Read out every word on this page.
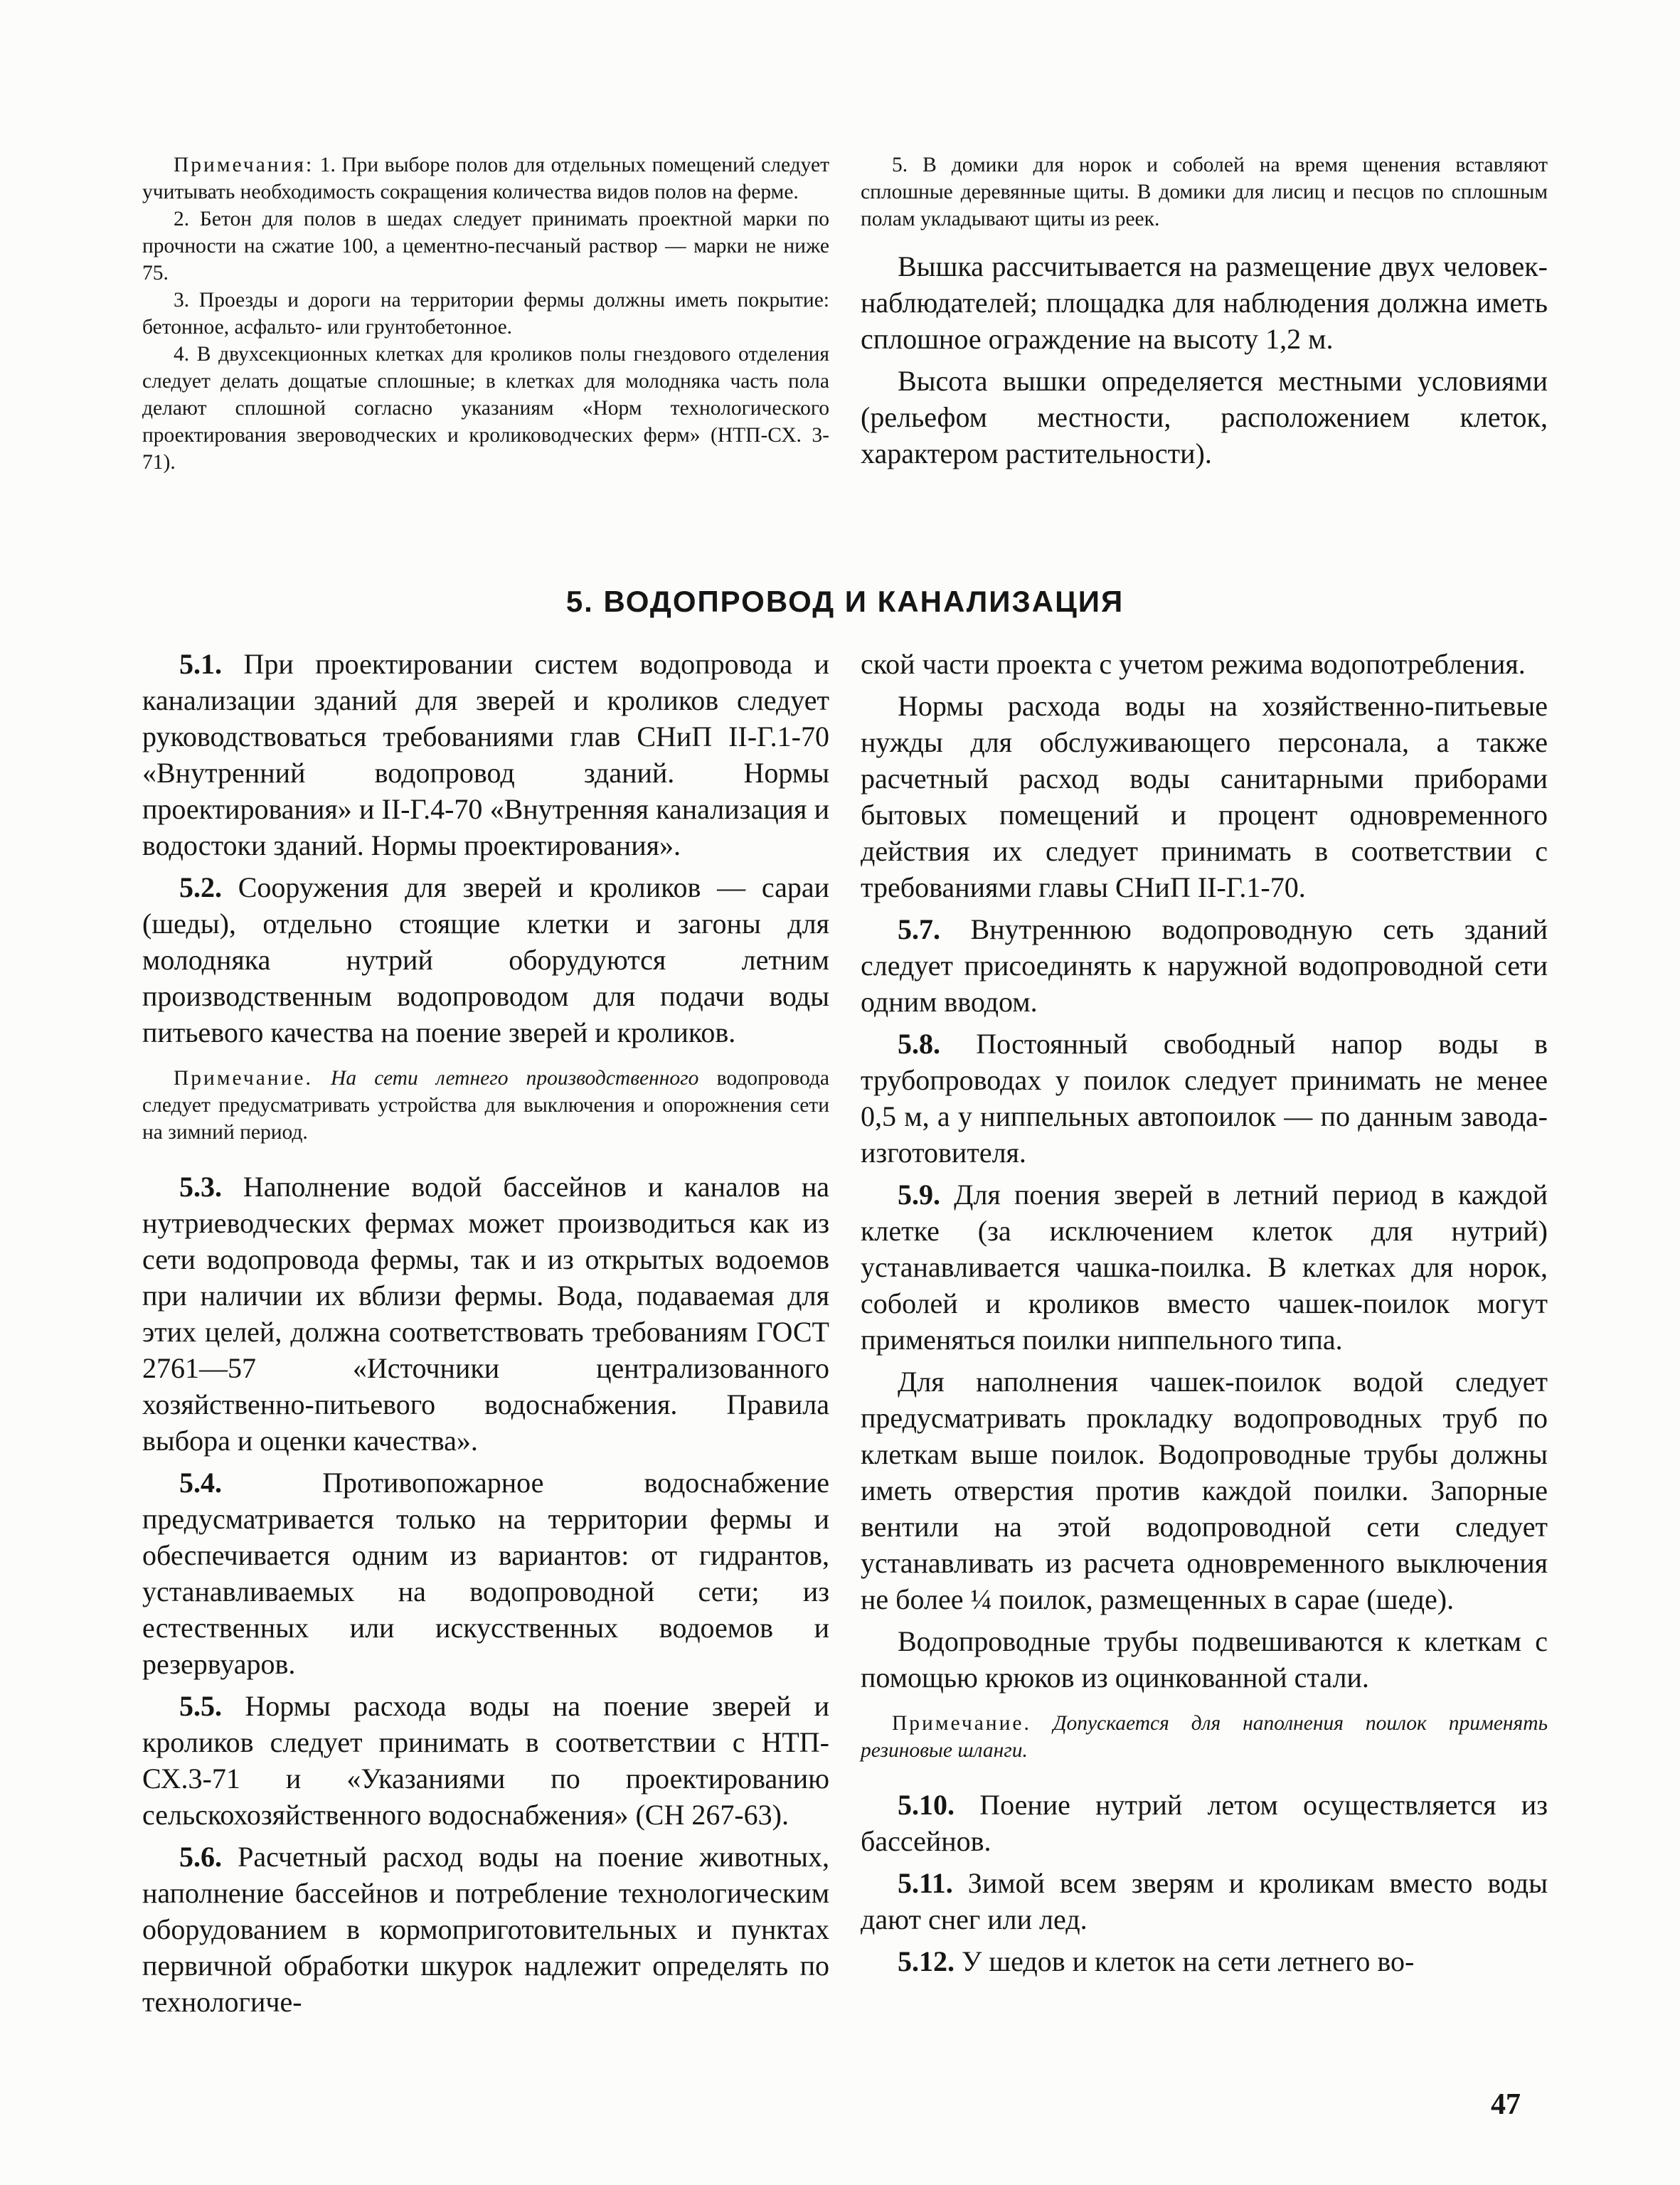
Примечания: 1. При выборе полов для отдельных помещений следует учитывать необходимость сокращения количества видов полов на ферме.

2. Бетон для полов в шедах следует принимать проектной марки по прочности на сжатие 100, а цементно-песчаный раствор — марки не ниже 75.

3. Проезды и дороги на территории фермы должны иметь покрытие: бетонное, асфальто- или грунтобетонное.

4. В двухсекционных клетках для кроликов полы гнездового отделения следует делать дощатые сплошные; в клетках для молодняка часть пола делают сплошной согласно указаниям «Норм технологического проектирования звероводческих и кролиководческих ферм» (НТП-СХ. 3-71).

5. В домики для норок и соболей на время щенения вставляют сплошные деревянные щиты. В домики для лисиц и песцов по сплошным полам укладывают щиты из реек.

Вышка рассчитывается на размещение двух человек-наблюдателей; площадка для наблюдения должна иметь сплошное ограждение на высоту 1,2 м.

Высота вышки определяется местными условиями (рельефом местности, расположением клеток, характером растительности).

5. ВОДОПРОВОД И КАНАЛИЗАЦИЯ

5.1. При проектировании систем водопровода и канализации зданий для зверей и кроликов следует руководствоваться требованиями глав СНиП II-Г.1-70 «Внутренний водопровод зданий. Нормы проектирования» и II-Г.4-70 «Внутренняя канализация и водостоки зданий. Нормы проектирования».

5.2. Сооружения для зверей и кроликов — сараи (шеды), отдельно стоящие клетки и загоны для молодняка нутрий оборудуются летним производственным водопроводом для подачи воды питьевого качества на поение зверей и кроликов.

Примечание. На сети летнего производственного водопровода следует предусматривать устройства для выключения и опорожнения сети на зимний период.

5.3. Наполнение водой бассейнов и каналов на нутриеводческих фермах может производиться как из сети водопровода фермы, так и из открытых водоемов при наличии их вблизи фермы. Вода, подаваемая для этих целей, должна соответствовать требованиям ГОСТ 2761—57 «Источники централизованного хозяйственно-питьевого водоснабжения. Правила выбора и оценки качества».

5.4.	Противопожарное водоснабжение предусматривается только на территории фермы и обеспечивается одним из вариантов: от гидрантов, устанавливаемых на водопроводной сети; из естественных или искусственных водоемов и резервуаров.

5.5. Нормы расхода воды на поение зверей и кроликов следует принимать в соответствии с НТП-СХ.3-71 и «Указаниями по проектированию сельскохозяйственного водоснабжения» (СН 267-63).

5.6. Расчетный расход воды на поение животных, наполнение бассейнов и потребление технологическим оборудованием в кормоприготовительных и пунктах первичной обработки шкурок надлежит определять по технологиче-

ской части проекта с учетом режима водопотребления.

Нормы расхода воды на хозяйственно-питьевые нужды для обслуживающего персонала, а также расчетный расход воды санитарными приборами бытовых помещений и процент одновременного действия их следует принимать в соответствии с требованиями главы СНиП II-Г.1-70.

5.7. Внутреннюю водопроводную сеть зданий следует присоединять к наружной водопроводной сети одним вводом.

5.8. Постоянный свободный напор воды в трубопроводах у поилок следует принимать не менее 0,5 м, а у ниппельных автопоилок — по данным завода-изготовителя.

5.9. Для поения зверей в летний период в каждой клетке (за исключением клеток для нутрий) устанавливается чашка-поилка. В клетках для норок, соболей и кроликов вместо чашек-поилок могут применяться поилки ниппельного типа.

Для наполнения чашек-поилок водой следует предусматривать прокладку водопроводных труб по клеткам выше поилок. Водопроводные трубы должны иметь отверстия против каждой поилки. Запорные вентили на этой водопроводной сети следует устанавливать из расчета одновременного выключения не более ¼ поилок, размещенных в сарае (шеде).

Водопроводные трубы подвешиваются к клеткам с помощью крюков из оцинкованной стали.

Примечание. Допускается для наполнения поилок применять резиновые шланги.

5.10. Поение нутрий летом осуществляется из бассейнов.

5.11. Зимой всем зверям и кроликам вместо воды дают снег или лед.

5.12. У шедов и клеток на сети летнего во-

47
